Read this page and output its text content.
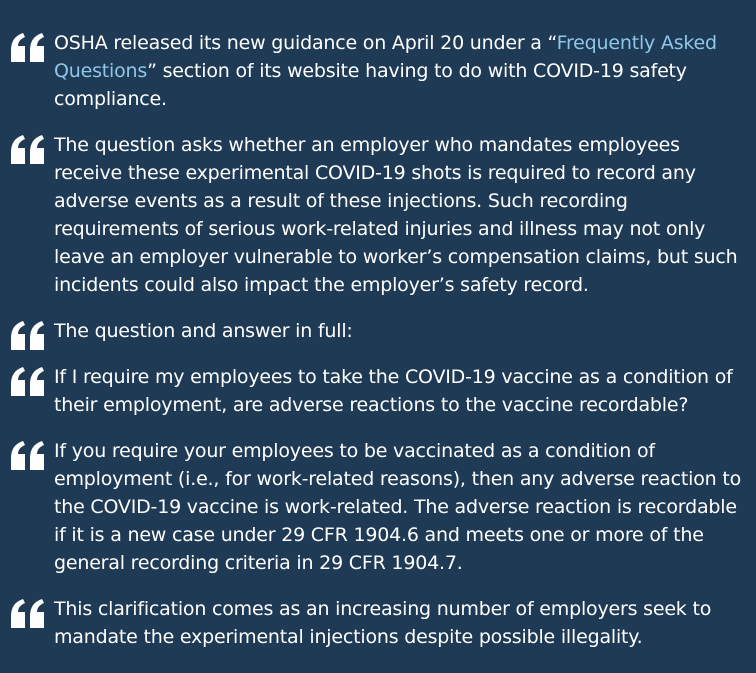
OSHA released its new guidance on April 20 under a “Frequently Asked Questions” section of its website having to do with COVID-19 safety compliance.

The question asks whether an employer who mandates employees receive these experimental COVID-19 shots is required to record any adverse events as a result of these injections. Such recording requirements of serious work-related injuries and illness may not only leave an employer vulnerable to worker’s compensation claims, but such incidents could also impact the employer’s safety record.

The question and answer in full:

If I require my employees to take the COVID-19 vaccine as a condition of their employment, are adverse reactions to the vaccine recordable?

If you require your employees to be vaccinated as a condition of employment (i.e., for work-related reasons), then any adverse reaction to the COVID-19 vaccine is work-related. The adverse reaction is recordable if it is a new case under 29 CFR 1904.6 and meets one or more of the general recording criteria in 29 CFR 1904.7.

This clarification comes as an increasing number of employers seek to mandate the experimental injections despite possible illegality.
